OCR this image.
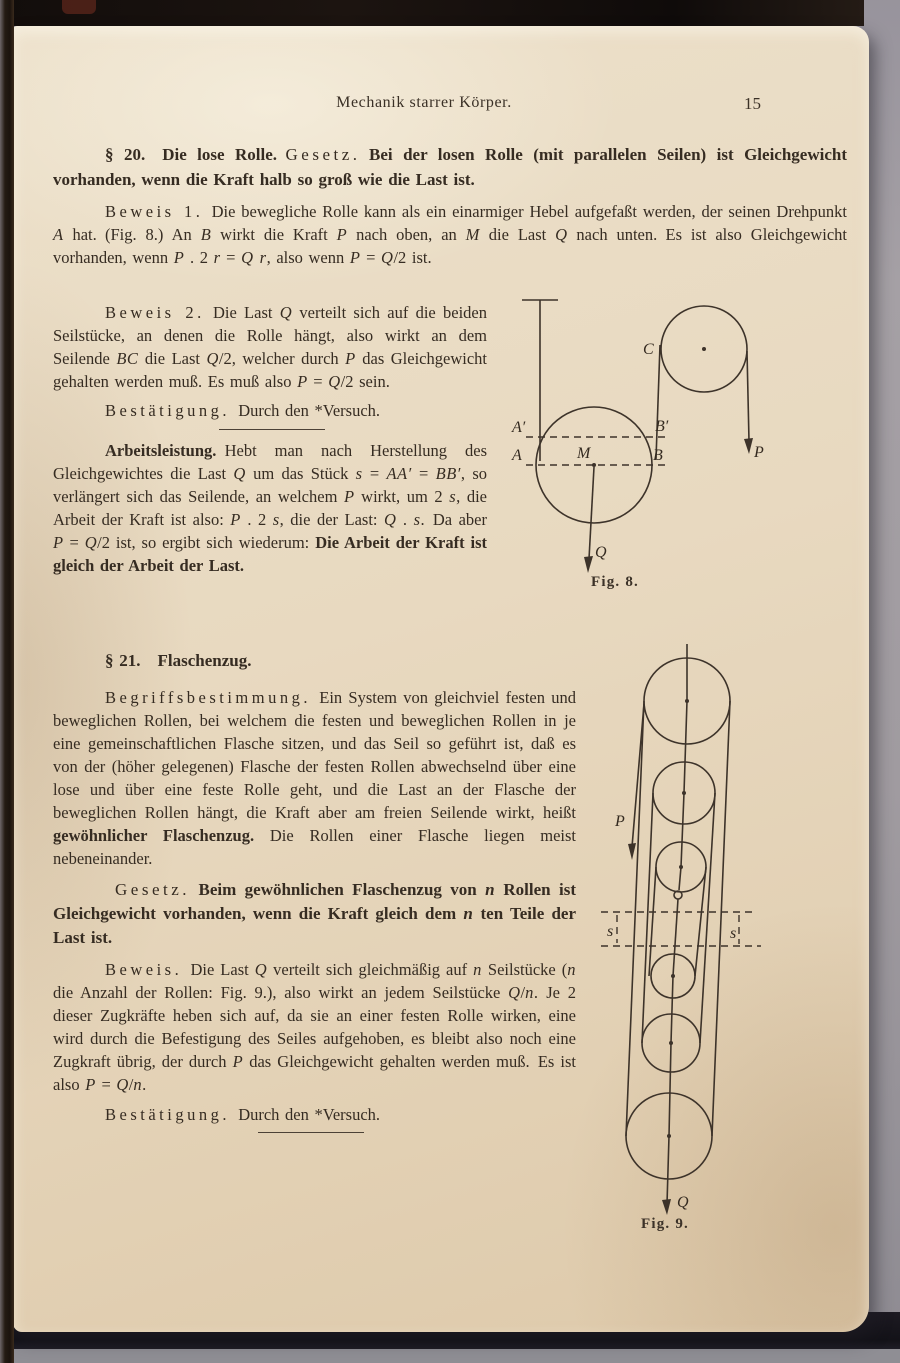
Mechanik starrer Körper.	15

§ 20. Die lose Rolle. Gesetz. Bei der losen Rolle (mit parallelen Seilen) ist Gleichgewicht vorhanden, wenn die Kraft halb so groß wie die Last ist.

Beweis 1. Die bewegliche Rolle kann als ein einarmiger Hebel aufgefaßt werden, der seinen Drehpunkt A hat. (Fig. 8.) An B wirkt die Kraft P nach oben, an M die Last Q nach unten. Es ist also Gleichgewicht vorhanden, wenn P . 2 r = Q r, also wenn P = Q/2 ist.

Beweis 2. Die Last Q verteilt sich auf die beiden Seilstücke, an denen die Rolle hängt, also wirkt an dem Seilende BC die Last Q/2, welcher durch P das Gleichgewicht gehalten werden muß. Es muß also P = Q/2 sein.

Bestätigung. Durch den *Versuch.

Arbeitsleistung. Hebt man nach Herstellung des Gleichgewichtes die Last Q um das Stück s = AA′ = BB′, so verlängert sich das Seilende, an welchem P wirkt, um 2 s, die Arbeit der Kraft ist also: P . 2 s, die der Last: Q . s. Da aber P = Q/2 ist, so ergibt sich wiederum: Die Arbeit der Kraft ist gleich der Arbeit der Last.

C
A′	B′
A	B
M	P
Q
Fig. 8.

§ 21. Flaschenzug.

Begriffsbestimmung. Ein System von gleichviel festen und beweglichen Rollen, bei welchem die festen und beweglichen Rollen in je eine gemeinschaftlichen Flasche sitzen, und das Seil so geführt ist, daß es von der (höher gelegenen) Flasche der festen Rollen abwechselnd über eine lose und über eine feste Rolle geht, und die Last an der Flasche der beweglichen Rollen hängt, die Kraft aber am freien Seilende wirkt, heißt gewöhnlicher Flaschenzug. Die Rollen einer Flasche liegen meist nebeneinander.

Gesetz. Beim gewöhnlichen Flaschenzug von n Rollen ist Gleichgewicht vorhanden, wenn die Kraft gleich dem n ten Teile der Last ist.

Beweis. Die Last Q verteilt sich gleichmäßig auf n Seilstücke (n die Anzahl der Rollen: Fig. 9.), also wirkt an jedem Seilstücke Q/n. Je 2 dieser Zugkräfte heben sich auf, da sie an einer festen Rolle wirken, eine wird durch die Befestigung des Seiles aufgehoben, es bleibt also noch eine Zugkraft übrig, der durch P das Gleichgewicht gehalten werden muß. Es ist also P = Q/n.

Bestätigung. Durch den *Versuch.

P
Q
s	s
Fig. 9.
